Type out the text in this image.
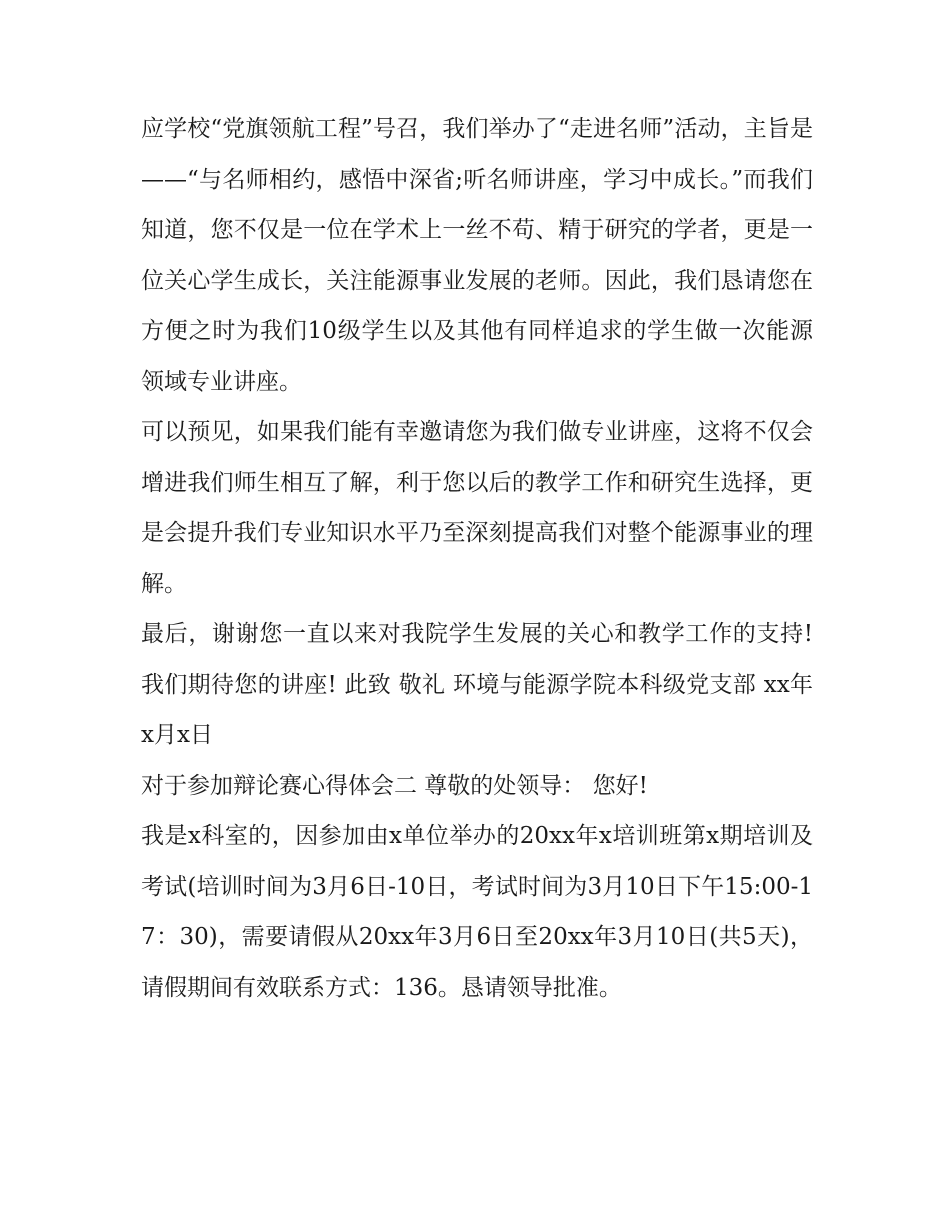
应学校“党旗领航工程”号召，我们举办了“走进名师”活动，主旨是——“与名师相约，感悟中深省;听名师讲座，学习中成长。”而我们知道，您不仅是一位在学术上一丝不苟、精于研究的学者，更是一位关心学生成长，关注能源事业发展的老师。因此，我们恳请您在方便之时为我们10级学生以及其他有同样追求的学生做一次能源领域专业讲座。

可以预见，如果我们能有幸邀请您为我们做专业讲座，这将不仅会增进我们师生相互了解，利于您以后的教学工作和研究生选择，更是会提升我们专业知识水平乃至深刻提高我们对整个能源事业的理解。

最后，谢谢您一直以来对我院学生发展的关心和教学工作的支持!我们期待您的讲座! 此致 敬礼 环境与能源学院本科级党支部 xx年x月x日

对于参加辩论赛心得体会二 尊敬的处领导： 您好!

我是x科室的，因参加由x单位举办的20xx年x培训班第x期培训及考试(培训时间为3月6日-10日，考试时间为3月10日下午15:00-17：30)，需要请假从20xx年3月6日至20xx年3月10日(共5天)，请假期间有效联系方式：136。恳请领导批准。
